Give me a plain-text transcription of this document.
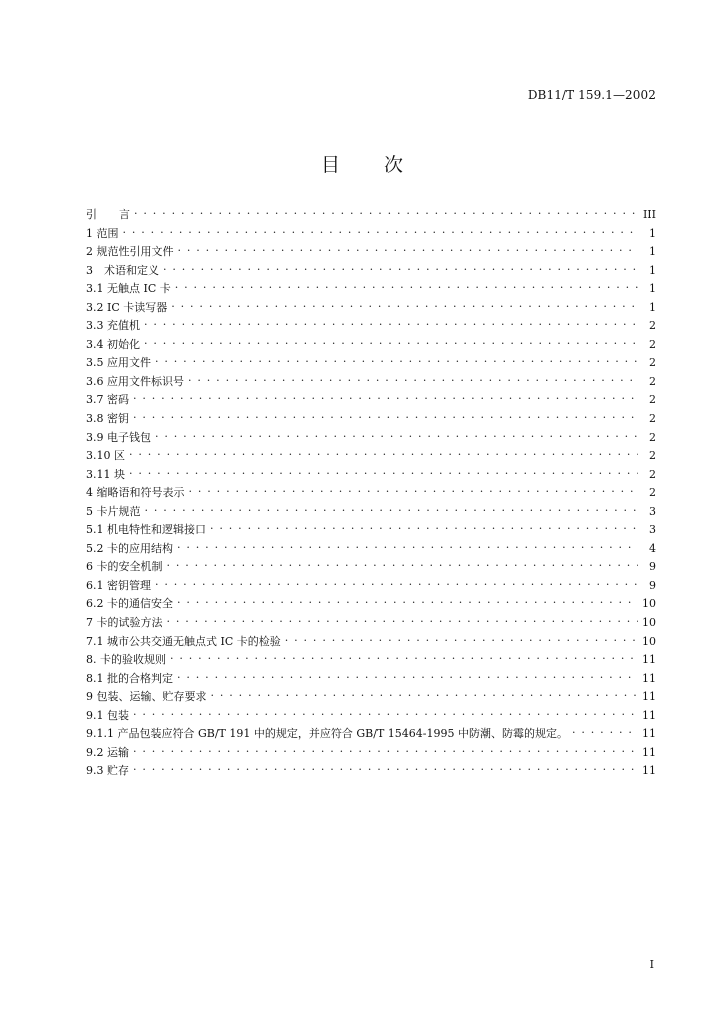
DB11/T 159.1—2002
目 次
引　　言 . . .	III
1 范围 . . .	1
2 规范性引用文件 . . .	1
3　术语和定义 . . .	1
3.1 无触点 IC 卡 . . .	1
3.2 IC 卡读写器 . . .	1
3.3 充值机 . . .	2
3.4 初始化 . . .	2
3.5 应用文件 . . .	2
3.6 应用文件标识号 . . .	2
3.7 密码 . . .	2
3.8 密钥 . . .	2
3.9 电子钱包 . . .	2
3.10 区 . . .	2
3.11 块 . . .	2
4 缩略语和符号表示 . . .	2
5 卡片规范 . . .	3
5.1 机电特性和逻辑接口 . . .	3
5.2 卡的应用结构 . . .	4
6 卡的安全机制 . . .	9
6.1 密钥管理 . . .	9
6.2 卡的通信安全 . . .	10
7 卡的试验方法 . . .	10
7.1 城市公共交通无触点式 IC 卡的检验 . . .	10
8. 卡的验收规则 . . .	11
8.1 批的合格判定 . . .	11
9 包装、运输、贮存要求 . . .	11
9.1 包装 . . .	11
9.1.1 产品包装应符合 GB/T 191 中的规定，并应符合 GB/T 15464-1995 中防潮、防霉的规定。 . . .	11
9.2 运输 . . .	11
9.3 贮存 . . .	11
I
